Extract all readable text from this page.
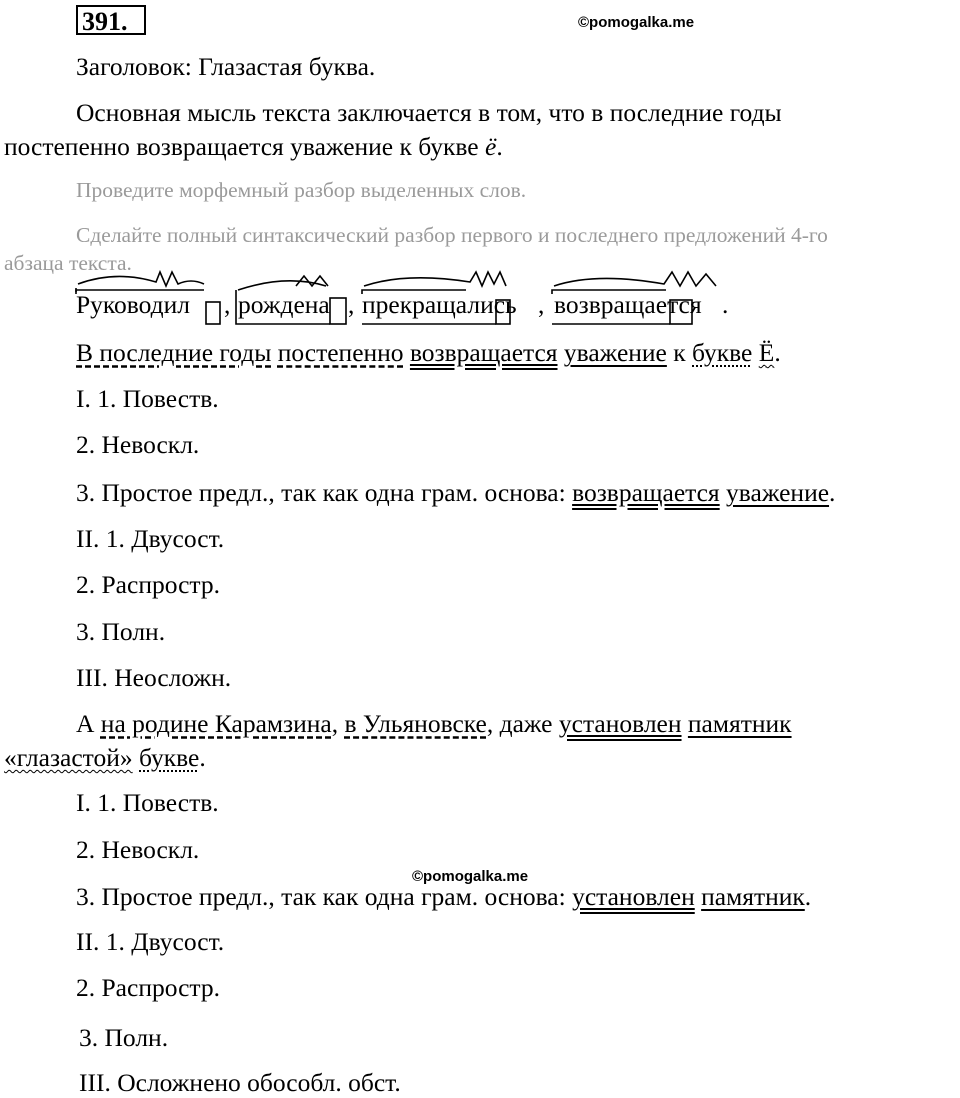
391.	©pomogalka.me
Заголовок: Глазастая буква.
Основная мысль текста заключается в том, что в последние годы
постепенно возвращается уважение к букве ё.
Проведите морфемный разбор выделенных слов.
Сделайте полный синтаксический разбор первого и последнего предложений 4-го
абзаца текста.
Руководил , рождена , прекращались , возвращается .
В последние годы постепенно возвращается уважение к букве Ё.
I. 1. Повеств.
2. Невоскл.
3. Простое предл., так как одна грам. основа: возвращается уважение.
II. 1. Двусост.
2. Распростр.
3. Полн.
III. Неосложн.
А на родине Карамзина, в Ульяновске, даже установлен памятник
«глазастой» букве.
I. 1. Повеств.
2. Невоскл.
©pomogalka.me
3. Простое предл., так как одна грам. основа: установлен памятник.
II. 1. Двусост.
2. Распростр.
3. Полн.
III. Осложнено обособл. обст.
